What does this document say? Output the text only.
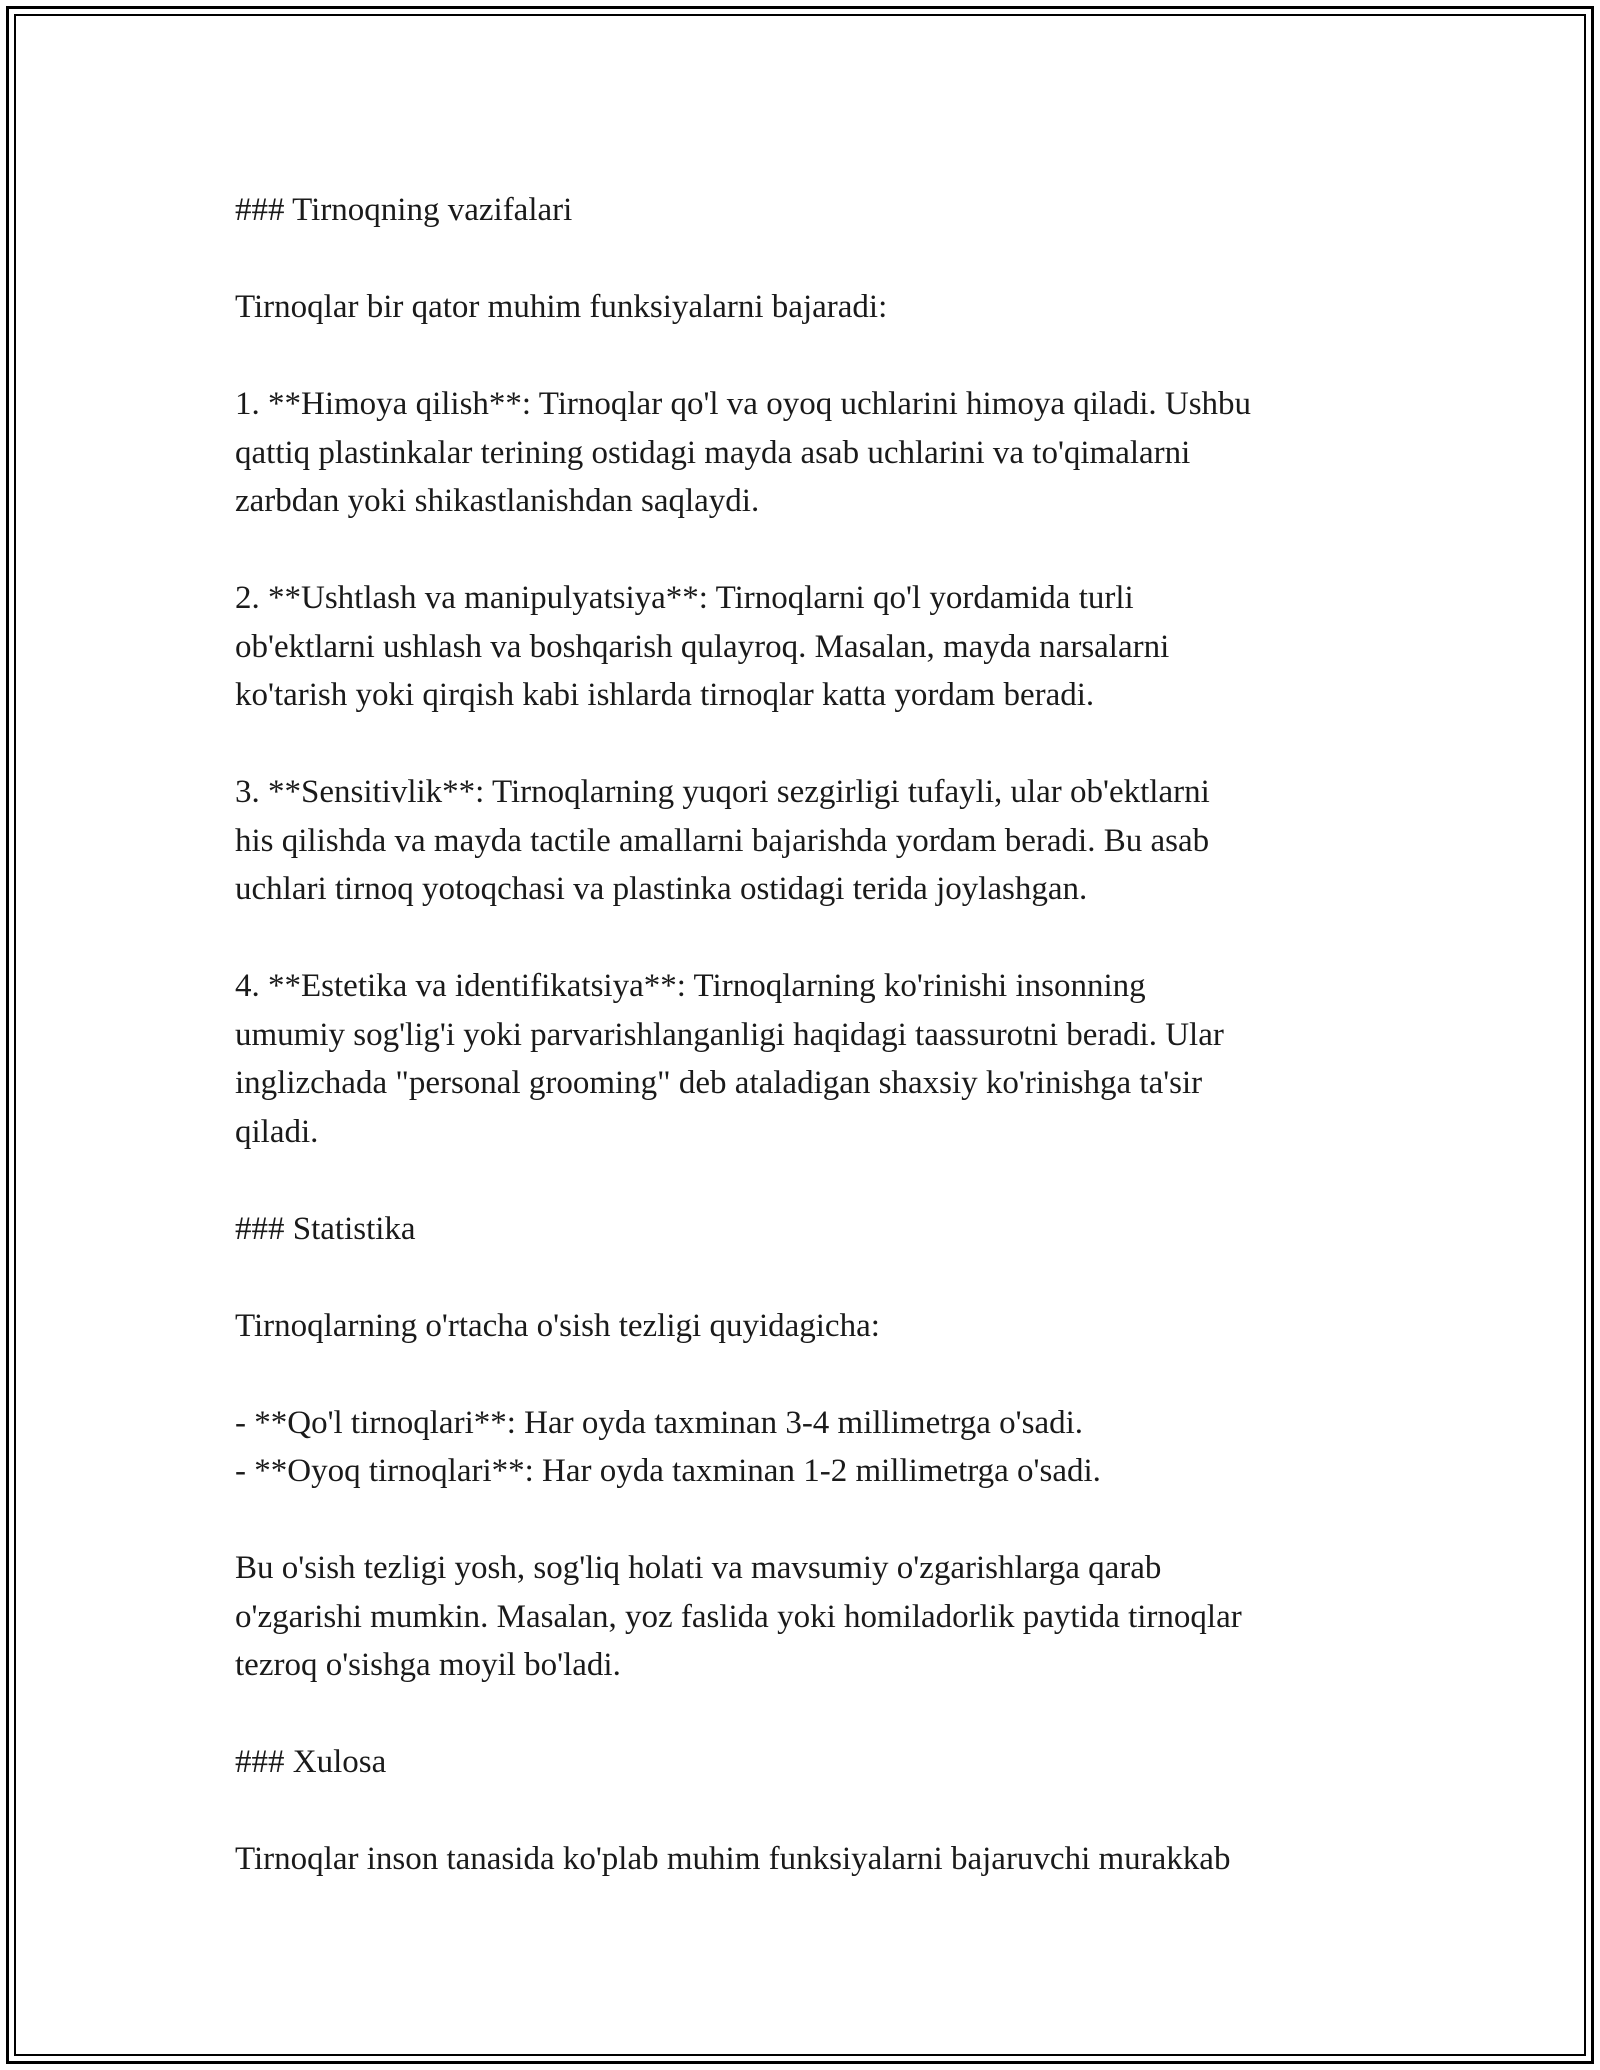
### Tirnoqning vazifalari
Tirnoqlar bir qator muhim funksiyalarni bajaradi:
1. **Himoya qilish**: Tirnoqlar qo'l va oyoq uchlarini himoya qiladi. Ushbu
qattiq plastinkalar terining ostidagi mayda asab uchlarini va to'qimalarni
zarbdan yoki shikastlanishdan saqlaydi.
2. **Ushtlash va manipulyatsiya**: Tirnoqlarni qo'l yordamida turli
ob'ektlarni ushlash va boshqarish qulayroq. Masalan, mayda narsalarni
ko'tarish yoki qirqish kabi ishlarda tirnoqlar katta yordam beradi.
3. **Sensitivlik**: Tirnoqlarning yuqori sezgirligi tufayli, ular ob'ektlarni
his qilishda va mayda tactile amallarni bajarishda yordam beradi. Bu asab
uchlari tirnoq yotoqchasi va plastinka ostidagi terida joylashgan.
4. **Estetika va identifikatsiya**: Tirnoqlarning ko'rinishi insonning
umumiy sog'lig'i yoki parvarishlanganligi haqidagi taassurotni beradi. Ular
inglizchada "personal grooming" deb ataladigan shaxsiy ko'rinishga ta'sir
qiladi.
### Statistika
Tirnoqlarning o'rtacha o'sish tezligi quyidagicha:
- **Qo'l tirnoqlari**: Har oyda taxminan 3-4 millimetrga o'sadi.
- **Oyoq tirnoqlari**: Har oyda taxminan 1-2 millimetrga o'sadi.
Bu o'sish tezligi yosh, sog'liq holati va mavsumiy o'zgarishlarga qarab
o'zgarishi mumkin. Masalan, yoz faslida yoki homiladorlik paytida tirnoqlar
tezroq o'sishga moyil bo'ladi.
### Xulosa
Tirnoqlar inson tanasida ko'plab muhim funksiyalarni bajaruvchi murakkab
